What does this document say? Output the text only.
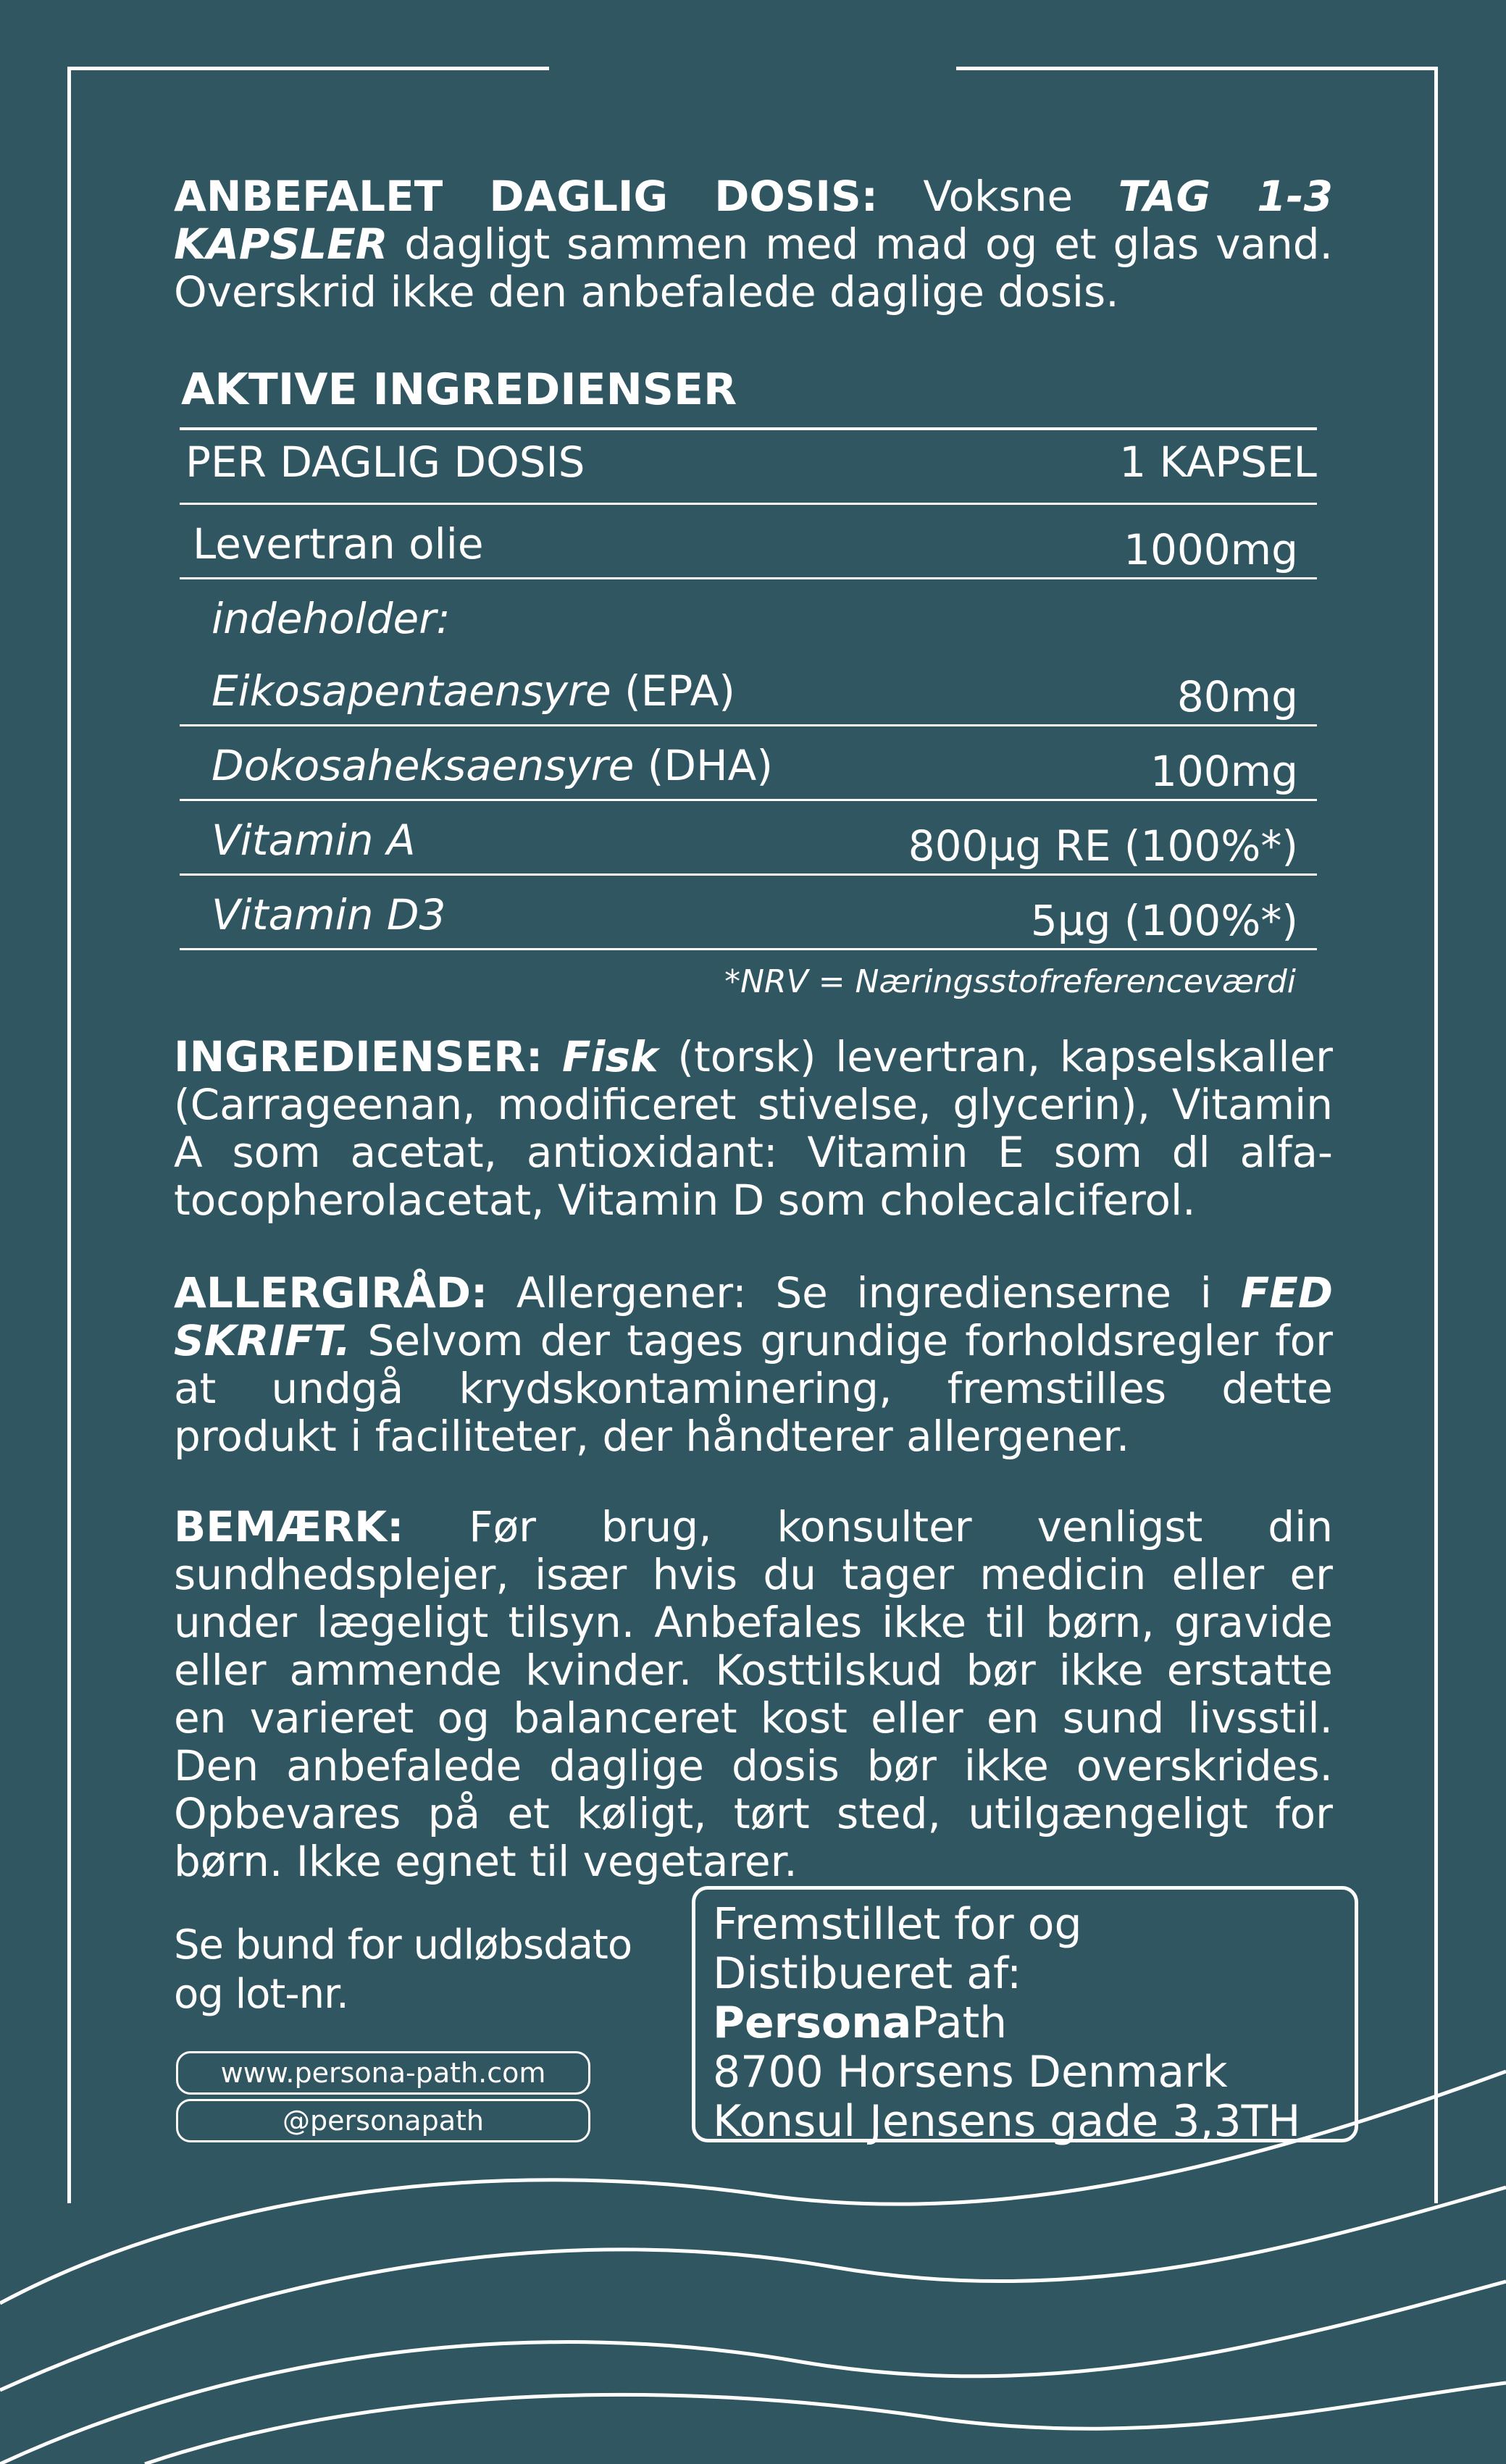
ANBEFALET DAGLIG DOSIS: Voksne TAG 1-3 KAPSLER dagligt sammen med mad og et glas vand. Overskrid ikke den anbefalede daglige dosis.

AKTIVE INGREDIENSER
PER DAGLIG DOSIS	1 KAPSEL
Levertran olie	1000mg
indeholder:
Eikosapentaensyre (EPA)	80mg
Dokosaheksaensyre (DHA)	100mg
Vitamin A	800µg RE (100%*)
Vitamin D3	5µg (100%*)
*NRV = Næringsstofreferenceværdi

INGREDIENSER: Fisk (torsk) levertran, kapselskaller (Carrageenan, modificeret stivelse, glycerin), Vitamin A som acetat, antioxidant: Vitamin E som dl alfa-tocopherolacetat, Vitamin D som cholecalciferol.

ALLERGIRÅD: Allergener: Se ingredienserne i FED SKRIFT. Selvom der tages grundige forholdsregler for at undgå krydskontaminering, fremstilles dette produkt i faciliteter, der håndterer allergener.

BEMÆRK: Før brug, konsulter venligst din sundhedsplejer, især hvis du tager medicin eller er under lægeligt tilsyn. Anbefales ikke til børn, gravide eller ammende kvinder. Kosttilskud bør ikke erstatte en varieret og balanceret kost eller en sund livsstil. Den anbefalede daglige dosis bør ikke overskrides. Opbevares på et køligt, tørt sted, utilgængeligt for børn. Ikke egnet til vegetarer.

Se bund for udløbsdato
og lot-nr.
www.persona-path.com
@personapath
Fremstillet for og
Distibueret af:
PersonaPath
8700 Horsens Denmark
Konsul Jensens gade 3,3TH
